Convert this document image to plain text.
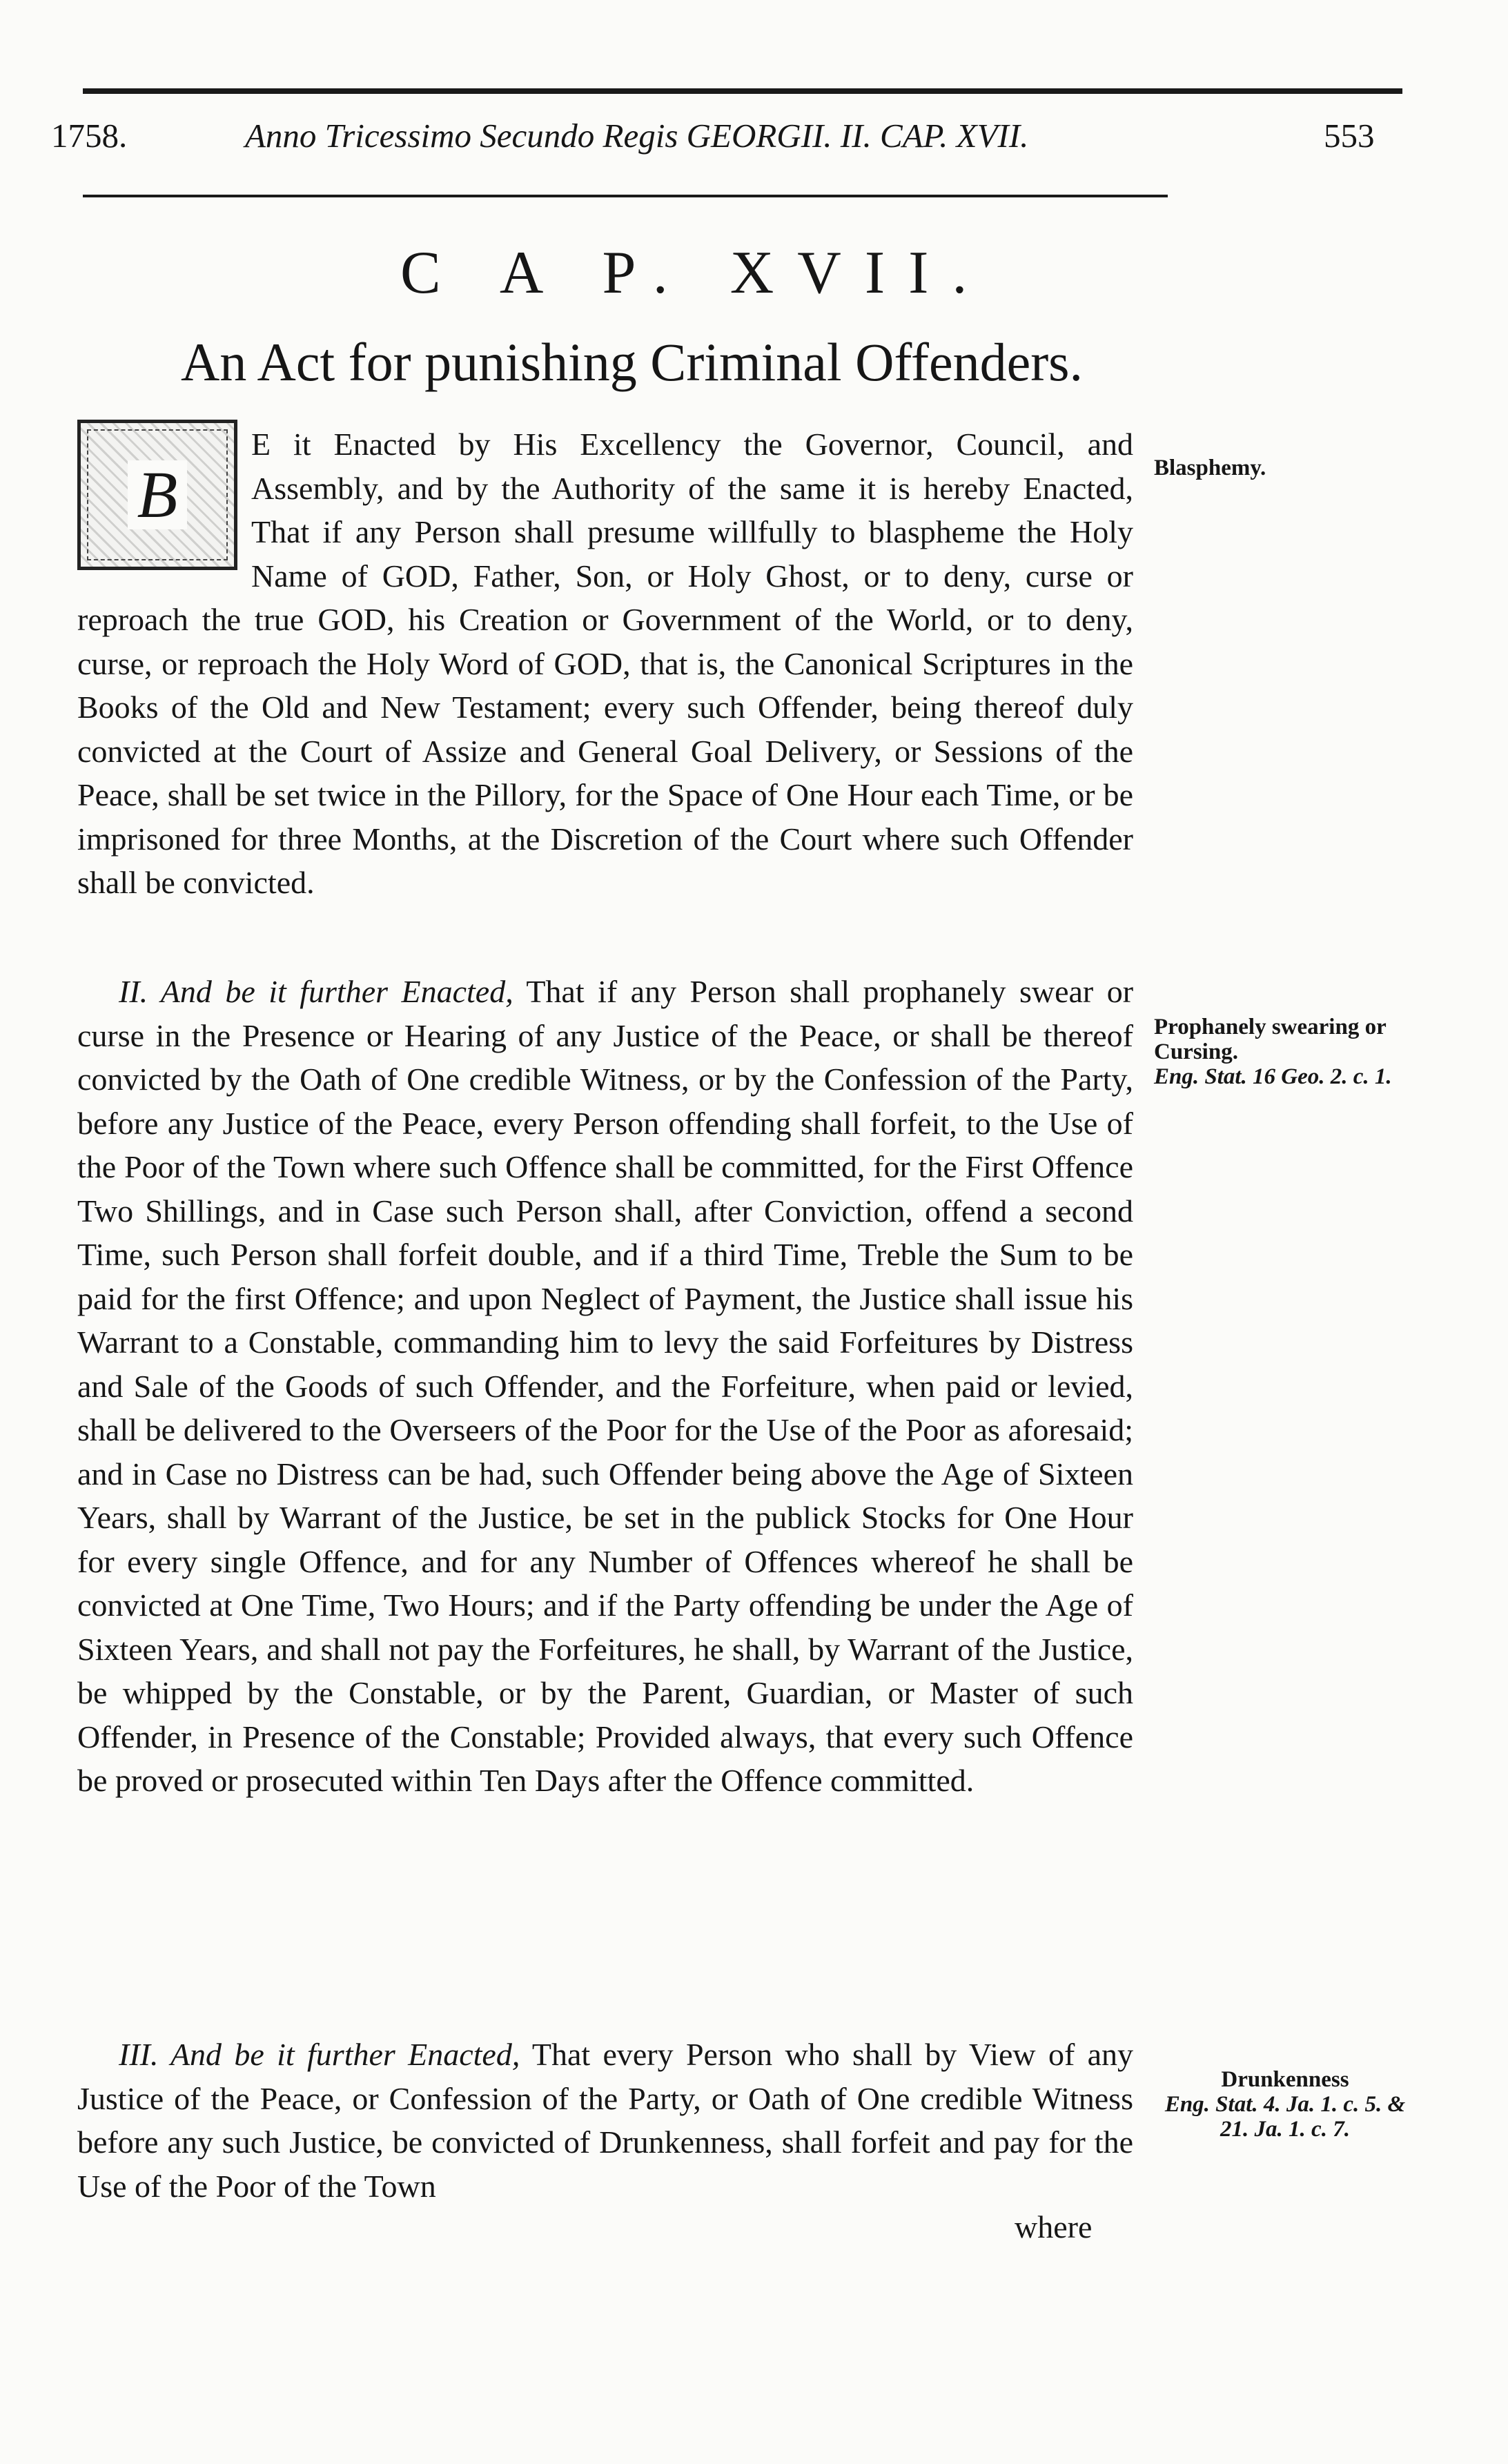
1758.	Anno Tricessimo Secundo Regis GEORGII. II. CAP. XVII.	553
C A P. XVII.
An Act for punishing Criminal Offenders.
B

E it Enacted by His Excellency the Governor, Council, and Assembly, and by the Authority of the same it is hereby Enacted, That if any Person shall presume willfully to blaspheme the Holy Name of GOD, Father, Son, or Holy Ghost, or to deny, curse or reproach the true GOD, his Creation or Government of the World, or to deny, curse, or reproach the Holy Word of GOD, that is, the Canonical Scriptures in the Books of the Old and New Testament; every such Offender, being thereof duly convicted at the Court of Assize and General Goal Delivery, or Sessions of the Peace, shall be set twice in the Pillory, for the Space of One Hour each Time, or be imprisoned for three Months, at the Discretion of the Court where such Offender shall be convicted.

II. And be it further Enacted, That if any Person shall prophanely swear or curse in the Presence or Hearing of any Justice of the Peace, or shall be thereof convicted by the Oath of One credible Witness, or by the Confession of the Party, before any Justice of the Peace, every Person offending shall forfeit, to the Use of the Poor of the Town where such Offence shall be committed, for the First Offence Two Shillings, and in Case such Person shall, after Conviction, offend a second Time, such Person shall forfeit double, and if a third Time, Treble the Sum to be paid for the first Offence; and upon Neglect of Payment, the Justice shall issue his Warrant to a Constable, commanding him to levy the said Forfeitures by Distress and Sale of the Goods of such Offender, and the Forfeiture, when paid or levied, shall be delivered to the Overseers of the Poor for the Use of the Poor as aforesaid; and in Case no Distress can be had, such Offender being above the Age of Sixteen Years, shall by Warrant of the Justice, be set in the publick Stocks for One Hour for every single Offence, and for any Number of Offences whereof he shall be convicted at One Time, Two Hours; and if the Party offending be under the Age of Sixteen Years, and shall not pay the Forfeitures, he shall, by Warrant of the Justice, be whipped by the Constable, or by the Parent, Guardian, or Master of such Offender, in Presence of the Constable; Provided always, that every such Offence be proved or prosecuted within Ten Days after the Offence committed.

III. And be it further Enacted, That every Person who shall by View of any Justice of the Peace, or Confession of the Party, or Oath of One credible Witness before any such Justice, be convicted of Drunkenness, shall forfeit and pay for the Use of the Poor of the Town

where
Blasphemy.
Prophanely swearing or Cursing.
Eng. Stat. 16 Geo. 2. c. 1.
Drunkenness
Eng. Stat. 4. Ja. 1. c. 5. & 21. Ja. 1. c. 7.
